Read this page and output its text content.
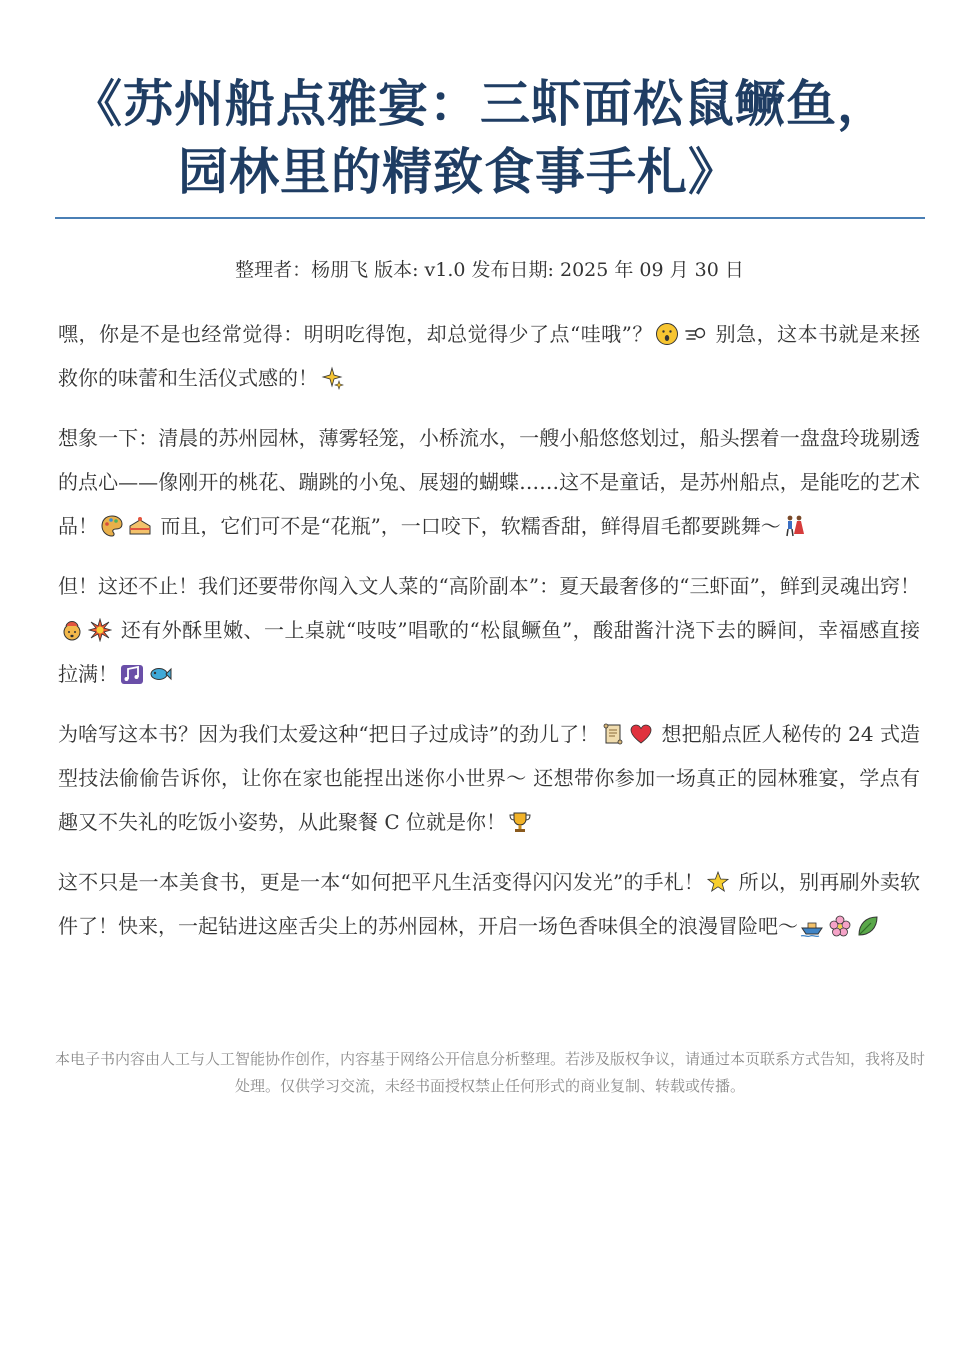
《苏州船点雅宴：三虾面松鼠鳜鱼，
园林里的精致食事手札》
整理者：杨朋飞 版本: v1.0 发布日期: 2025 年 09 月 30 日

嘿，你是不是也经常觉得：明明吃得饱，却总觉得少了点“哇哦”？	别急，这本书就是来拯救你的味蕾和生活仪式感的！

想象一下：清晨的苏州园林，薄雾轻笼，小桥流水，一艘小船悠悠划过，船头摆着一盘盘玲珑剔透的点心——像刚开的桃花、蹦跳的小兔、展翅的蝴蝶……这不是童话，是苏州船点，是能吃的艺术品！	而且，它们可不是“花瓶”，一口咬下，软糯香甜，鲜得眉毛都要跳舞～

但！这还不止！我们还要带你闯入文人菜的“高阶副本”：夏天最奢侈的“三虾面”，鲜到灵魂出窍！ 还有外酥里嫩、一上桌就“吱吱”唱歌的“松鼠鳜鱼”，酸甜酱汁浇下去的瞬间，幸福感直接拉满！

为啥写这本书？因为我们太爱这种“把日子过成诗”的劲儿了！	想把船点匠人秘传的 24 式造型技法偷偷告诉你，让你在家也能捏出迷你小世界～ 还想带你参加一场真正的园林雅宴，学点有趣又不失礼的吃饭小姿势，从此聚餐 C 位就是你！

这不只是一本美食书，更是一本“如何把平凡生活变得闪闪发光”的手札！ 所以，别再刷外卖软件了！快来，一起钻进这座舌尖上的苏州园林，开启一场色香味俱全的浪漫冒险吧～

本电子书内容由人工与人工智能协作创作，内容基于网络公开信息分析整理。若涉及版权争议，请通过本页联系方式告知，我将及时处理。仅供学习交流，未经书面授权禁止任何形式的商业复制、转载或传播。
